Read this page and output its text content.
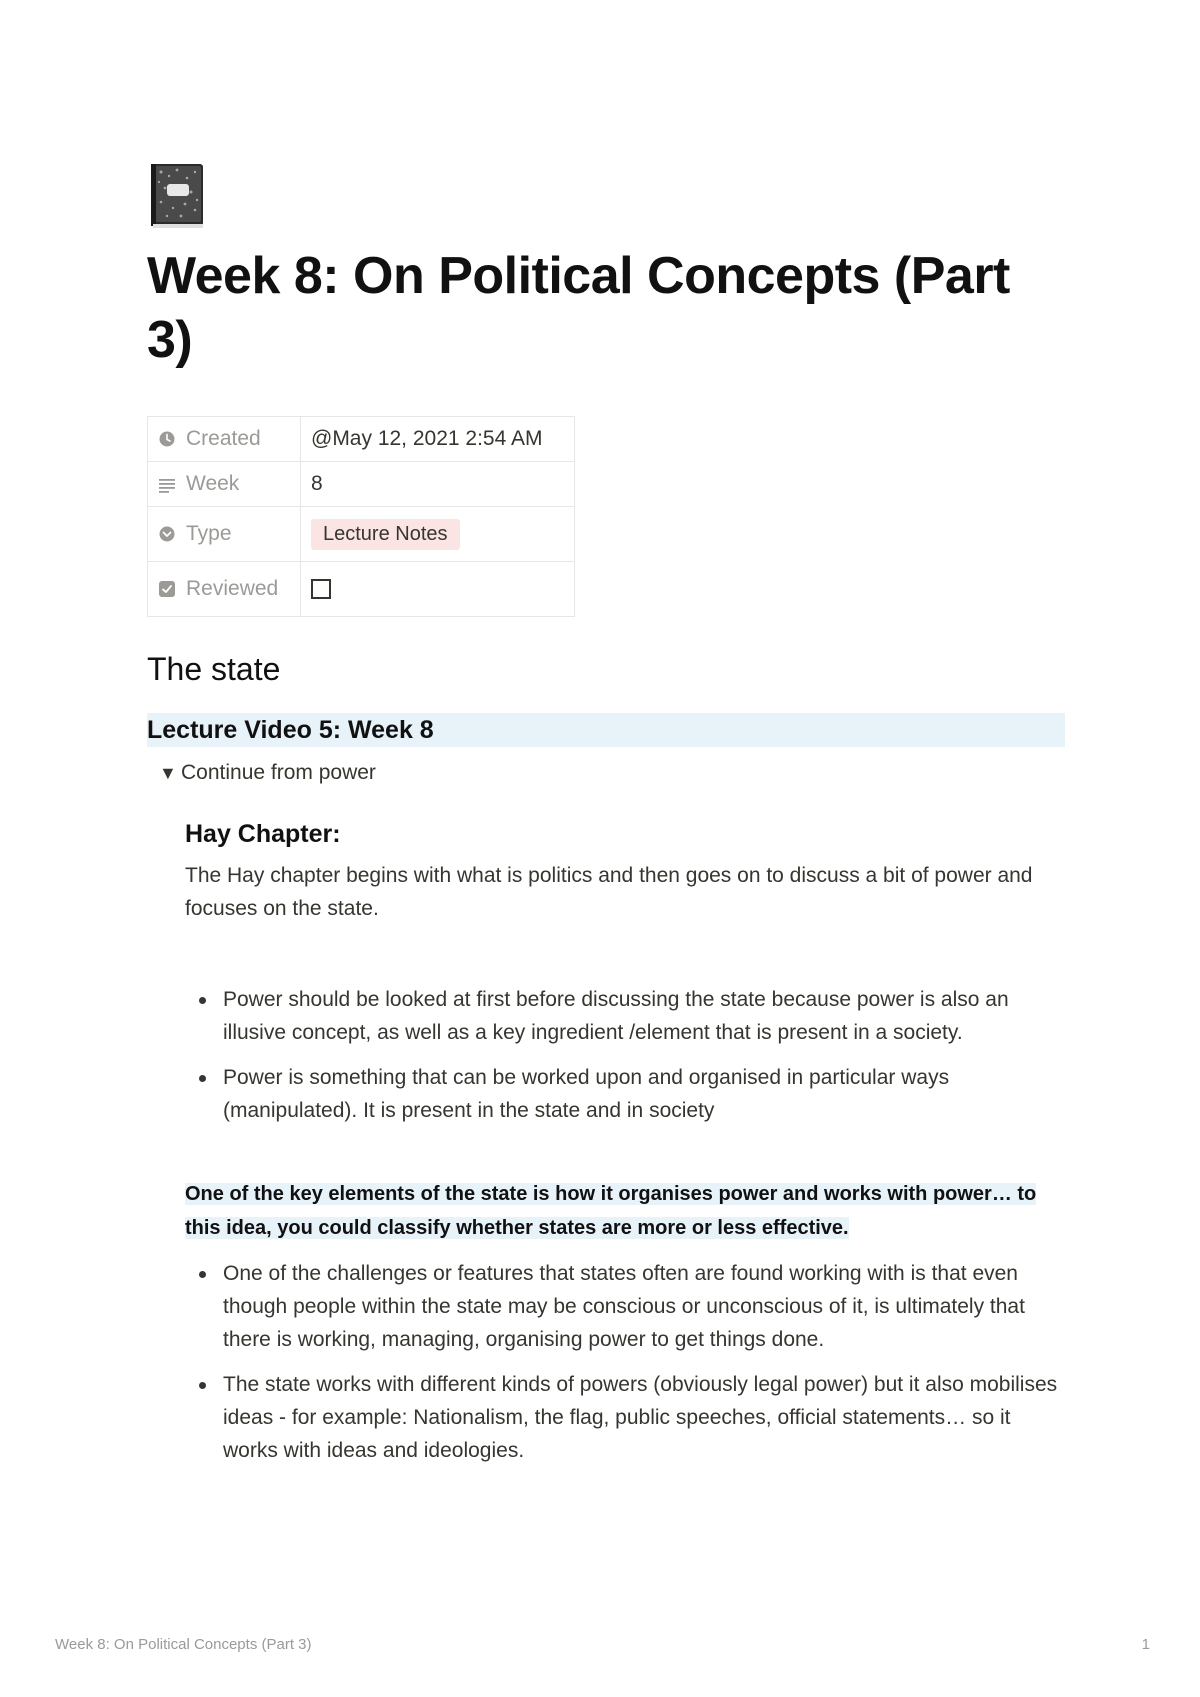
Week 8: On Political Concepts (Part 3)
Created	@May 12, 2021 2:54 AM

Week	8

Type	Lecture Notes

Reviewed	
The state
Lecture Video 5: Week 8
▼ Continue from power
Hay Chapter:

The Hay chapter begins with what is politics and then goes on to discuss a bit of power and focuses on the state.

Power should be looked at first before discussing the state because power is also an illusive concept, as well as a key ingredient /element that is present in a society.
Power is something that can be worked upon and organised in particular ways (manipulated). It is present in the state and in society

One of the key elements of the state is how it organises power and works with power… to this idea, you could classify whether states are more or less effective.

One of the challenges or features that states often are found working with is that even though people within the state may be conscious or unconscious of it, is ultimately that there is working, managing, organising power to get things done.
The state works with different kinds of powers (obviously legal power) but it also mobilises ideas - for example: Nationalism, the flag, public speeches, official statements… so it works with ideas and ideologies.
Week 8: On Political Concepts (Part 3)	1
